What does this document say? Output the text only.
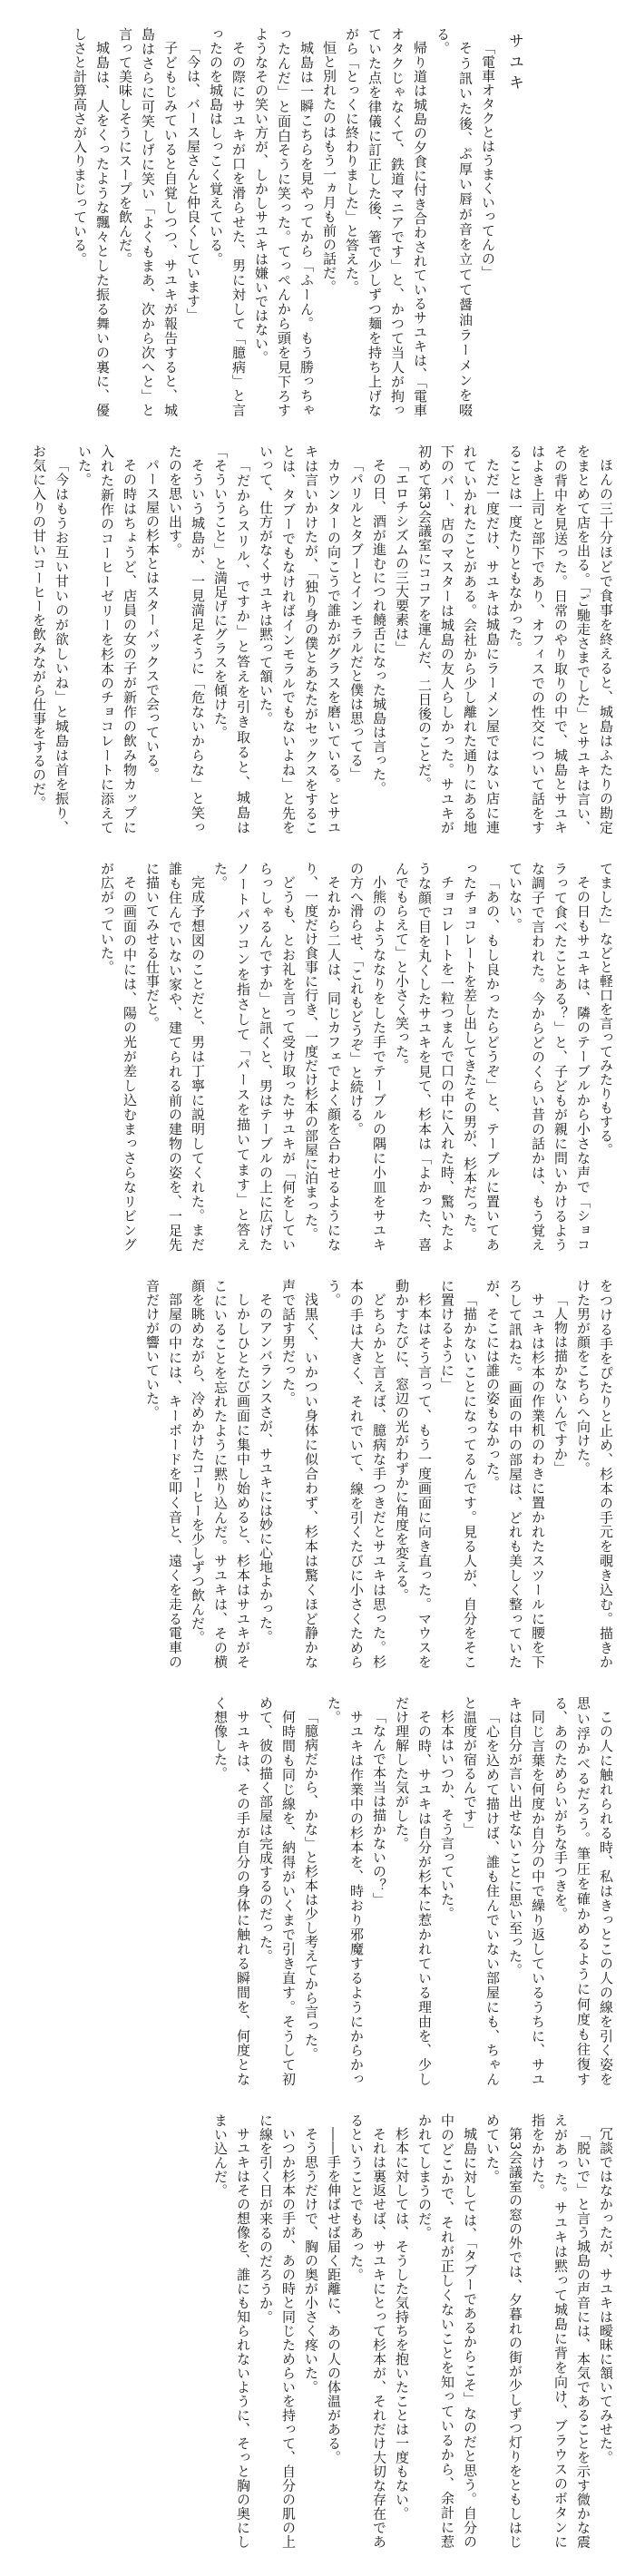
サユキ

「電車オタクとはうまくいってんの」

そう訊いた後、ぷ厚い唇が音を立てて醤油ラーメンを啜る。

帰り道は城島の夕食に付き合わされているサユキは、「電車オタクじゃなくて、鉄道マニアです」と、かつて当人が拘っていた点を律儀に訂正した後、箸で少しずつ麺を持ち上げながら「とっくに終わりました」と答えた。

恒と別れたのはもう一ヵ月も前の話だ。

城島は一瞬こちらを見やってから「ふーん。もう勝っちゃったんだ」と面白そうに笑った。てっぺんから頭を見下ろすようなその笑い方が、しかしサユキは嫌いではない。

その際にサユキが口を滑らせた、男に対して「臆病」と言ったのを城島はしっこく覚えている。

「今は、バース屋さんと仲良くしています」

子どもじみていると自覚しつつ、サユキが報告すると、城島はさらに可笑しげに笑い「よくもまあ、次から次へと」と言って美味しそうにスープを飲んだ。

城島は、人をくったような飄々とした振る舞いの裏に、優しさと計算高さが入りまじっている。

ほんの三十分ほどで食事を終えると、城島はふたりの勘定をまとめて店を出る。「ご馳走さまでした」とサユキは言い、その背中を見送った。日常のやり取りの中で、城島とサユキはよき上司と部下であり、オフィスでの性交について話をすることは一度たりともなかった。

ただ一度だけ、サユキは城島にラーメン屋ではない店に連れていかれたことがある。会社から少し離れた通りにある地下のバー、店のマスターは城島の友人らしかった。サユキが初めて第3会議室にココアを運んだ、二日後のことだ。

「エロチシズムの三大要素は」

その日、酒が進むにつれ饒舌になった城島は言った。

「パリルとタブーとインモラルだと僕は思ってる」

カウンターの向こうで誰かがグラスを磨いている。とサユキは言いかけたが、「独り身の僕とあなたがセックスをすることは、タブーでもなければインモラルでもないよね」と先をいって、仕方がなくサユキは黙って頷いた。

「だからスリル、ですか」と答えを引き取ると、城島は「そういうこと」と満足げにグラスを傾けた。

そういう城島が、一見満足そうに「危ないからな」と笑ったのを思い出す。

パース屋の杉本とはスターバックスで会っている。

その時はちょうど、店員の女の子が新作の飲み物カップに入れた新作のコーヒーゼリーを杉本のチョコレートに添えていた。

「今はもうお互い甘いのが欲しいね」と城島は首を振り、お気に入りの甘いコーヒーを飲みながら仕事をするのだ。

てました」などと軽口を言ってみたりもする。

その日もサユキは、隣のテーブルから小さな声で「ショコラって食べたことある？」と、子どもが親に問いかけるような調子で言われた。今からどのくらい昔の話かは、もう覚えていない。

「あの、もし良かったらどうぞ」と、テーブルに置いてあったチョコレートを差し出してきたその男が、杉本だった。

チョコレートを一粒つまんで口の中に入れた時、驚いたような顔で目を丸くしたサユキを見て、杉本は「よかった、喜んでもらえて」と小さく笑った。

小熊のようななりをした手でテーブルの隅に小皿をサユキの方へ滑らせ、「これもどうぞ」と続ける。

それから二人は、同じカフェでよく顔を合わせるようになり、一度だけ食事に行き、一度だけ杉本の部屋に泊まった。

どうも、とお礼を言って受け取ったサユキが「何をしていらっしゃるんですか」と訊くと、男はテーブルの上に広げたノートパソコンを指さして「パースを描いてます」と答えた。

完成予想図のことだと、男は丁寧に説明してくれた。まだ誰も住んでいない家や、建てられる前の建物の姿を、一足先に描いてみせる仕事だと。

その画面の中には、陽の光が差し込むまっさらなリビングが広がっていた。

をつける手をぴたりと止め、杉本の手元を覗き込む。描きかけた男が顔をこちらへ向けた。

「人物は描かないんですか」

サユキは杉本の作業机のわきに置かれたスツールに腰を下ろして訊ねた。画面の中の部屋は、どれも美しく整っていたが、そこには誰の姿もなかった。

「描かないことになってるんです。見る人が、自分をそこに置けるように」

杉本はそう言って、もう一度画面に向き直った。マウスを動かすたびに、窓辺の光がわずかに角度を変える。

どちらかと言えば、臆病な手つきだとサユキは思った。杉本の手は大きく、それでいて、線を引くたびに小さくためらう。

浅黒く、いかつい身体に似合わず、杉本は驚くほど静かな声で話す男だった。

そのアンバランスさが、サユキには妙に心地よかった。

しかしひとたび画面に集中し始めると、杉本はサユキがそこにいることを忘れたように黙り込んだ。サユキは、その横顔を眺めながら、冷めかけたコーヒーを少しずつ飲んだ。

部屋の中には、キーボードを叩く音と、遠くを走る電車の音だけが響いていた。

この人に触れられる時、私はきっとこの人の線を引く姿を思い浮かべるだろう。筆圧を確かめるように何度も往復する、あのためらいがちな手つきを。

同じ言葉を何度か自分の中で繰り返しているうちに、サユキは自分が言い出せないことに思い至った。

「心を込めて描けば、誰も住んでいない部屋にも、ちゃんと温度が宿るんです」

杉本はいつか、そう言っていた。

その時、サユキは自分が杉本に惹かれている理由を、少しだけ理解した気がした。

「なんで本当は描かないの？」

サユキは作業中の杉本を、時おり邪魔するようにからかった。

「臆病だから、かな」と杉本は少し考えてから言った。

何時間も同じ線を、納得がいくまで引き直す。そうして初めて、彼の描く部屋は完成するのだった。

サユキは、その手が自分の身体に触れる瞬間を、何度となく想像した。

冗談ではなかったが、サユキは曖昧に頷いてみせた。

「脱いで」と言う城島の声音には、本気であることを示す微かな震えがあった。サユキは黙って城島に背を向け、ブラウスのボタンに指をかけた。

第3会議室の窓の外では、夕暮れの街が少しずつ灯りをともしはじめていた。

城島に対しては、「タブーであるからこそ」なのだと思う。自分の中のどこかで、それが正しくないことを知っているから、余計に惹かれてしまうのだ。

杉本に対しては、そうした気持ちを抱いたことは一度もない。

それは裏返せば、サユキにとって杉本が、それだけ大切な存在であるということでもあった。

――手を伸ばせば届く距離に、あの人の体温がある。

そう思うだけで、胸の奥が小さく疼いた。

いつか杉本の手が、あの時と同じためらいを持って、自分の肌の上に線を引く日が来るのだろうか。

サユキはその想像を、誰にも知られないように、そっと胸の奥にしまい込んだ。
